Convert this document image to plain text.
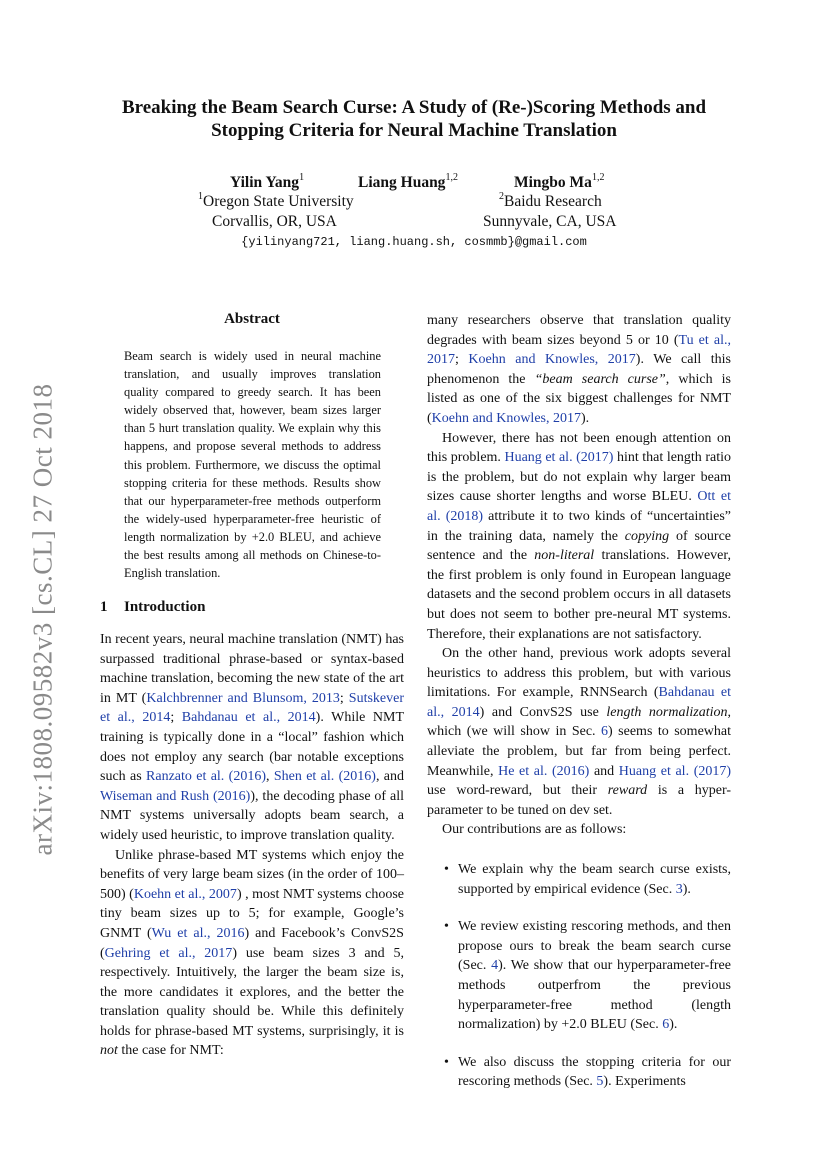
arXiv:1808.09582v3 [cs.CL] 27 Oct 2018
Breaking the Beam Search Curse: A Study of (Re-)Scoring Methods and
Stopping Criteria for Neural Machine Translation
Yilin Yang$^1$	Liang Huang$^{1,2}$	Mingbo Ma$^{1,2}$
$^1$Oregon State University
Corvallis, OR, USA
$^2$Baidu Research
Sunnyvale, CA, USA
{yilinyang721, liang.huang.sh, cosmmb}@gmail.com
Abstract
Beam search is widely used in neural machine translation, and usually improves translation quality compared to greedy search. It has been widely observed that, however, beam sizes larger than 5 hurt translation quality. We explain why this happens, and propose several methods to address this problem. Furthermore, we discuss the optimal stopping criteria for these methods. Results show that our hyperparameter-free methods outperform the widely-used hyperparameter-free heuristic of length normalization by +2.0 BLEU, and achieve the best results among all methods on Chinese-to-English translation.
1 Introduction

In recent years, neural machine translation (NMT) has surpassed traditional phrase-based or syntax-based machine translation, becoming the new state of the art in MT (Kalchbrenner and Blunsom, 2013; Sutskever et al., 2014; Bahdanau et al., 2014). While NMT training is typically done in a “local” fashion which does not employ any search (bar notable exceptions such as Ranzato et al. (2016), Shen et al. (2016), and Wiseman and Rush (2016)), the decoding phase of all NMT systems universally adopts beam search, a widely used heuristic, to improve translation quality.

Unlike phrase-based MT systems which enjoy the benefits of very large beam sizes (in the order of 100–500) (Koehn et al., 2007) , most NMT systems choose tiny beam sizes up to 5; for example, Google’s GNMT (Wu et al., 2016) and Facebook’s ConvS2S (Gehring et al., 2017) use beam sizes 3 and 5, respectively. Intuitively, the larger the beam size is, the more candidates it explores, and the better the translation quality should be. While this definitely holds for phrase-based MT systems, surprisingly, it is not the case for NMT:

many researchers observe that translation quality degrades with beam sizes beyond 5 or 10 (Tu et al., 2017; Koehn and Knowles, 2017). We call this phenomenon the “beam search curse”, which is listed as one of the six biggest challenges for NMT (Koehn and Knowles, 2017).

However, there has not been enough attention on this problem. Huang et al. (2017) hint that length ratio is the problem, but do not explain why larger beam sizes cause shorter lengths and worse BLEU. Ott et al. (2018) attribute it to two kinds of “uncertainties” in the training data, namely the copying of source sentence and the non-literal translations. However, the first problem is only found in European language datasets and the second problem occurs in all datasets but does not seem to bother pre-neural MT systems. Therefore, their explanations are not satisfactory.

On the other hand, previous work adopts several heuristics to address this problem, but with various limitations. For example, RNNSearch (Bahdanau et al., 2014) and ConvS2S use length normalization, which (we will show in Sec. 6) seems to somewhat alleviate the problem, but far from being perfect. Meanwhile, He et al. (2016) and Huang et al. (2017) use word-reward, but their reward is a hyper-parameter to be tuned on dev set.

Our contributions are as follows:

• We explain why the beam search curse exists, supported by empirical evidence (Sec. 3).
• We review existing rescoring methods, and then propose ours to break the beam search curse (Sec. 4). We show that our hyperparameter-free methods outperfrom the previous hyperparameter-free method (length normalization) by +2.0 BLEU (Sec. 6).
• We also discuss the stopping criteria for our rescoring methods (Sec. 5). Experiments
